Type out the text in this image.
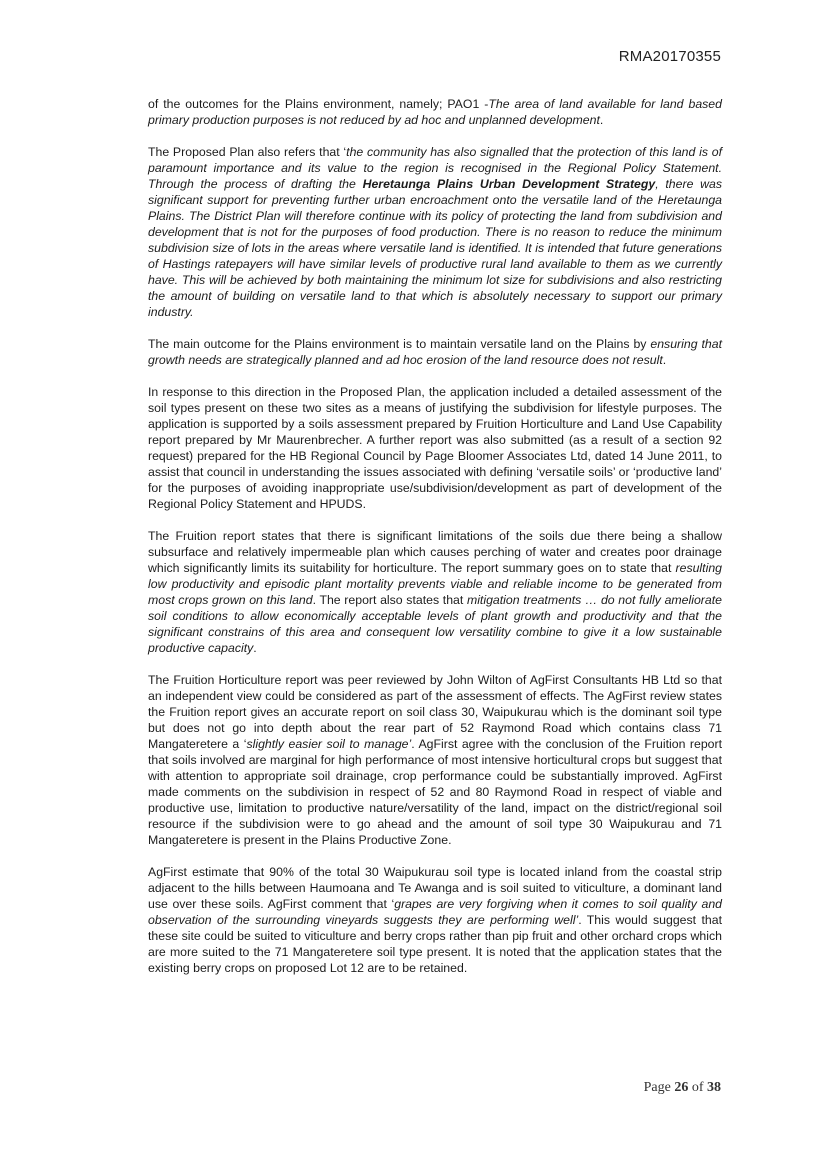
RMA20170355

of the outcomes for the Plains environment, namely; PAO1 -The area of land available for land based primary production purposes is not reduced by ad hoc and unplanned development.

The Proposed Plan also refers that ‘the community has also signalled that the protection of this land is of paramount importance and its value to the region is recognised in the Regional Policy Statement. Through the process of drafting the Heretaunga Plains Urban Development Strategy, there was significant support for preventing further urban encroachment onto the versatile land of the Heretaunga Plains. The District Plan will therefore continue with its policy of protecting the land from subdivision and development that is not for the purposes of food production. There is no reason to reduce the minimum subdivision size of lots in the areas where versatile land is identified. It is intended that future generations of Hastings ratepayers will have similar levels of productive rural land available to them as we currently have. This will be achieved by both maintaining the minimum lot size for subdivisions and also restricting the amount of building on versatile land to that which is absolutely necessary to support our primary industry.

The main outcome for the Plains environment is to maintain versatile land on the Plains by ensuring that growth needs are strategically planned and ad hoc erosion of the land resource does not result.

In response to this direction in the Proposed Plan, the application included a detailed assessment of the soil types present on these two sites as a means of justifying the subdivision for lifestyle purposes. The application is supported by a soils assessment prepared by Fruition Horticulture and Land Use Capability report prepared by Mr Maurenbrecher. A further report was also submitted (as a result of a section 92 request) prepared for the HB Regional Council by Page Bloomer Associates Ltd, dated 14 June 2011, to assist that council in understanding the issues associated with defining ‘versatile soils’ or ‘productive land’ for the purposes of avoiding inappropriate use/subdivision/development as part of development of the Regional Policy Statement and HPUDS.

The Fruition report states that there is significant limitations of the soils due there being a shallow subsurface and relatively impermeable plan which causes perching of water and creates poor drainage which significantly limits its suitability for horticulture. The report summary goes on to state that resulting low productivity and episodic plant mortality prevents viable and reliable income to be generated from most crops grown on this land. The report also states that mitigation treatments … do not fully ameliorate soil conditions to allow economically acceptable levels of plant growth and productivity and that the significant constrains of this area and consequent low versatility combine to give it a low sustainable productive capacity.

The Fruition Horticulture report was peer reviewed by John Wilton of AgFirst Consultants HB Ltd so that an independent view could be considered as part of the assessment of effects. The AgFirst review states the Fruition report gives an accurate report on soil class 30, Waipukurau which is the dominant soil type but does not go into depth about the rear part of 52 Raymond Road which contains class 71 Mangateretere a ‘slightly easier soil to manage’. AgFirst agree with the conclusion of the Fruition report that soils involved are marginal for high performance of most intensive horticultural crops but suggest that with attention to appropriate soil drainage, crop performance could be substantially improved. AgFirst made comments on the subdivision in respect of 52 and 80 Raymond Road in respect of viable and productive use, limitation to productive nature/versatility of the land, impact on the district/regional soil resource if the subdivision were to go ahead and the amount of soil type 30 Waipukurau and 71 Mangateretere is present in the Plains Productive Zone.

AgFirst estimate that 90% of the total 30 Waipukurau soil type is located inland from the coastal strip adjacent to the hills between Haumoana and Te Awanga and is soil suited to viticulture, a dominant land use over these soils. AgFirst comment that ‘grapes are very forgiving when it comes to soil quality and observation of the surrounding vineyards suggests they are performing well’. This would suggest that these site could be suited to viticulture and berry crops rather than pip fruit and other orchard crops which are more suited to the 71 Mangateretere soil type present. It is noted that the application states that the existing berry crops on proposed Lot 12 are to be retained.

Page 26 of 38
